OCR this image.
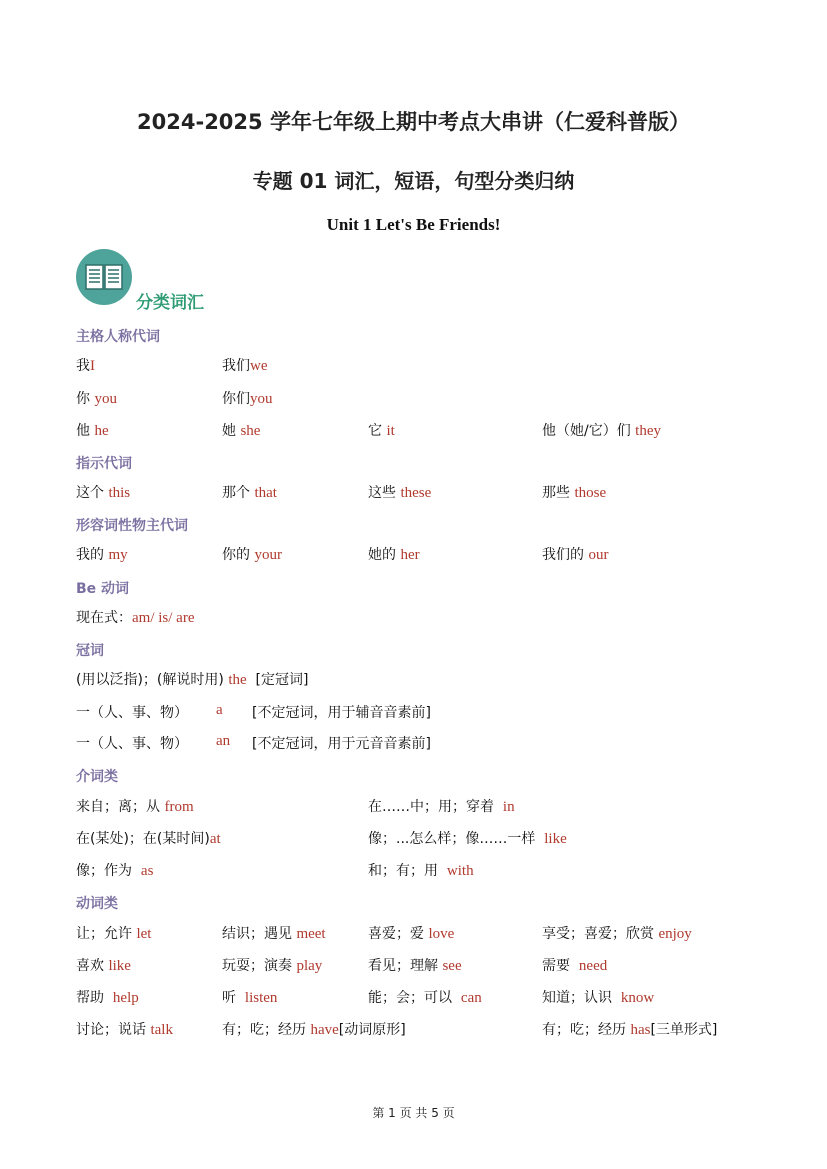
2024-2025 学年七年级上期中考点大串讲（仁爱科普版）
专题 01 词汇，短语，句型分类归纳
Unit 1 Let's Be Friends!
分类词汇
主格人称代词
我I	我们we
你 you	你们you
他 he	她 she	它 it	他（她/它）们 they
指示代词
这个 this	那个 that	这些 these	那些 those
形容词性物主代词
我的 my	你的 your	她的 her	我们的 our
Be 动词
现在式：am/ is/ are
冠词
(用以泛指)；(解说时用) the [定冠词]
一（人、事、物） a [不定冠词，用于辅音音素前]
一（人、事、物） an [不定冠词，用于元音音素前]
介词类
来自；离；从 from	在……中；用；穿着 in
在(某处)；在(某时间)at	像；...怎么样；像……一样 like
像；作为 as	和；有；用 with
动词类
让；允许 let	结识；遇见 meet	喜爱；爱 love	享受；喜爱；欣赏 enjoy
喜欢 like	玩耍；演奏 play	看见；理解 see	需要 need
帮助 help	听 listen	能；会；可以 can	知道；认识 know
讨论；说话 talk	有；吃；经历 have[动词原形]	有；吃；经历 has[三单形式]
第 1 页 共 5 页
